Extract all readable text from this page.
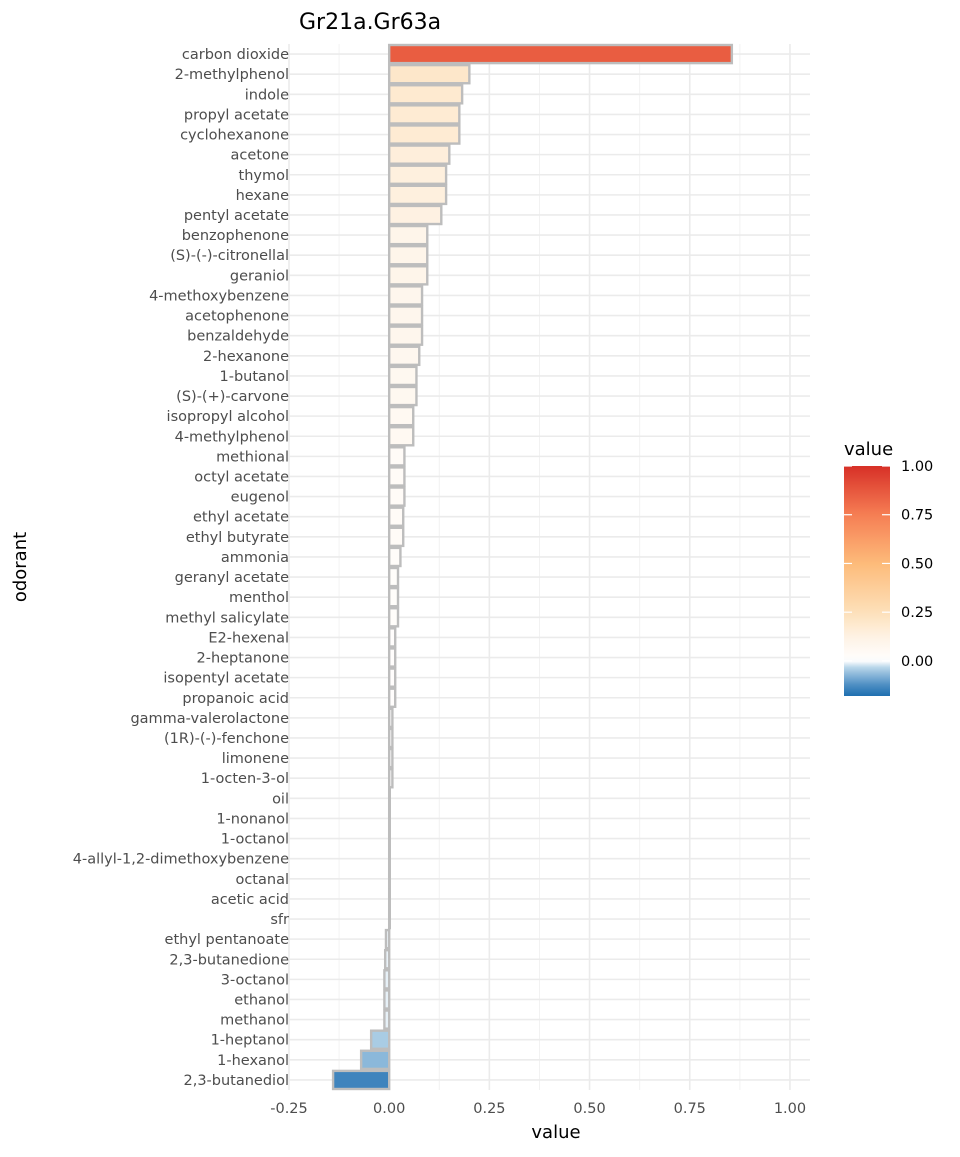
carbon dioxide
2-methylphenol
indole
propyl acetate
cyclohexanone
acetone
thymol
hexane
pentyl acetate
benzophenone
(S)-(-)-citronellal
geraniol
4-methoxybenzene
acetophenone
benzaldehyde
2-hexanone
1-butanol
(S)-(+)-carvone
isopropyl alcohol
4-methylphenol
methional
octyl acetate
eugenol
ethyl acetate
ethyl butyrate
ammonia
geranyl acetate
menthol
methyl salicylate
E2-hexenal
2-heptanone
isopentyl acetate
propanoic acid
gamma-valerolactone
(1R)-(-)-fenchone
limonene
1-octen-3-ol
oil
1-nonanol
1-octanol
4-allyl-1,2-dimethoxybenzene
octanal
acetic acid
sfr
ethyl pentanoate
2,3-butanedione
3-octanol
ethanol
methanol
1-heptanol
1-hexanol
2,3-butanediol
-0.25	0.00	0.25	0.50	0.75	1.00
Gr21a.Gr63a
value
odorant
value
1.00
0.75
0.50
0.25
0.00
